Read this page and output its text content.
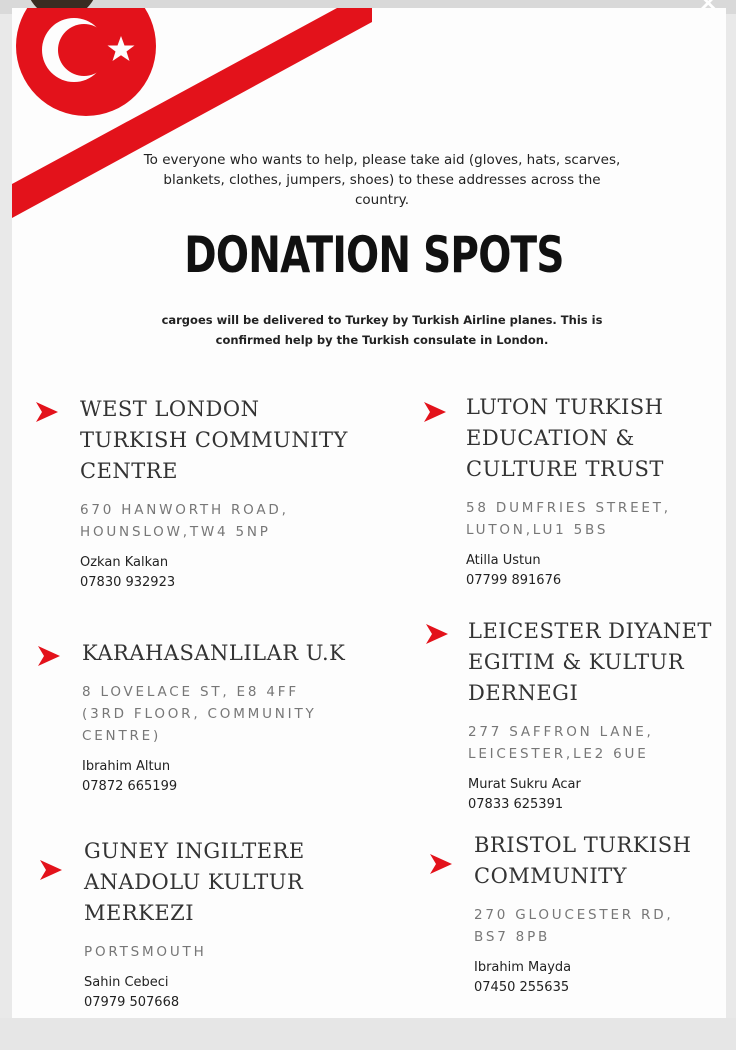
To everyone who wants to help, please take aid (gloves, hats, scarves, blankets, clothes, jumpers, shoes) to these addresses across the country.
DONATION SPOTS
cargoes will be delivered to Turkey by Turkish Airline planes. This is confirmed help by the Turkish consulate in London.
WEST LONDON
TURKISH COMMUNITY
CENTRE
670 HANWORTH ROAD,
HOUNSLOW,TW4 5NP
Ozkan Kalkan
07830 932923
LUTON TURKISH
EDUCATION &
CULTURE TRUST
58 DUMFRIES STREET,
LUTON,LU1 5BS
Atilla Ustun
07799 891676
KARAHASANLILAR U.K
8 LOVELACE ST, E8 4FF
(3RD FLOOR, COMMUNITY
CENTRE)
Ibrahim Altun
07872 665199
LEICESTER DIYANET
EGITIM & KULTUR
DERNEGI
277 SAFFRON LANE,
LEICESTER,LE2 6UE
Murat Sukru Acar
07833 625391
GUNEY INGILTERE
ANADOLU KULTUR
MERKEZI
PORTSMOUTH
Sahin Cebeci
07979 507668
BRISTOL TURKISH
COMMUNITY
270 GLOUCESTER RD,
BS7 8PB
Ibrahim Mayda
07450 255635
